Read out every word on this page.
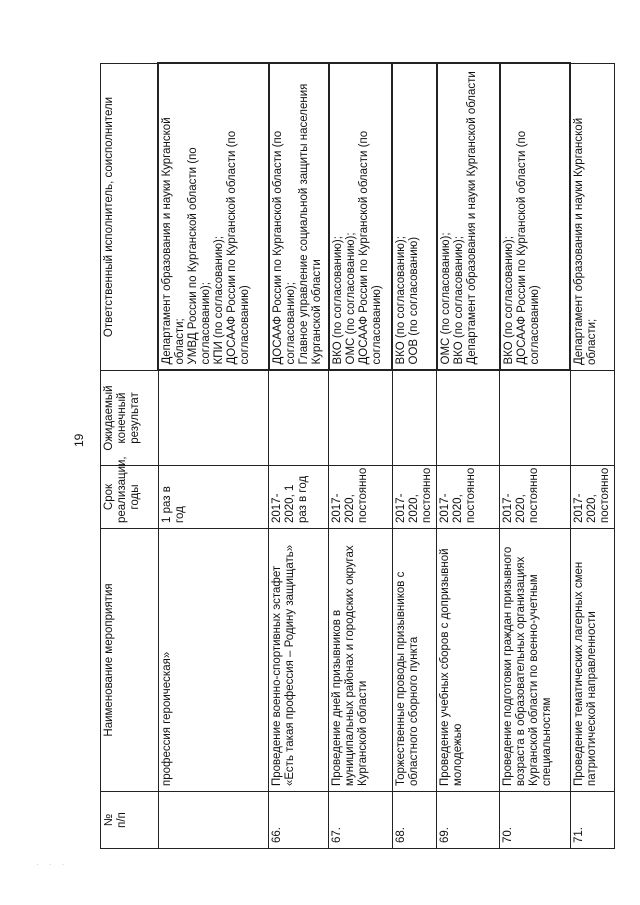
19
№
п/п	Наименование мероприятия	Срок реализации, годы	Ожидаемый конечный результат	Ответственный исполнитель, соисполнители
	профессия героическая»	1 раз в год		Департамент образования и науки Курганской области;
УМВД России по Курганской области (по согласованию);
КПИ (по согласованию);
ДОСААФ России по Курганской области (по согласованию)
66.	Проведение военно-спортивных эстафет «Есть такая профессия – Родину защищать»	2017-2020, 1 раз в год		ДОСААФ России по Курганской области (по согласованию);
Главное управление социальной защиты населения Курганской области
67.	Проведение дней призывников в муниципальных районах и городских округах Курганской области	2017-2020, постоянно		ВКО (по согласованию);
ОМС (по согласованию);
ДОСААФ России по Курганской области (по согласованию)
68.	Торжественные проводы призывников с областного сборного пункта	2017-2020, постоянно		ВКО (по согласованию);
ООВ (по согласованию)
69.	Проведение учебных сборов с допризывной молодежью	2017-2020, постоянно		ОМС (по согласованию);
ВКО (по согласованию);
Департамент образования и науки Курганской области
70.	Проведение подготовки граждан призывного возраста в образовательных организациях Курганской области по военно-учетным специальностям	2017-2020, постоянно		ВКО (по согласованию);
ДОСААФ России по Курганской области (по согласованию)
71.	Проведение тематических лагерных смен патриотической направленности	2017-2020, постоянно		Департамент образования и науки Курганской области;
· · ·
